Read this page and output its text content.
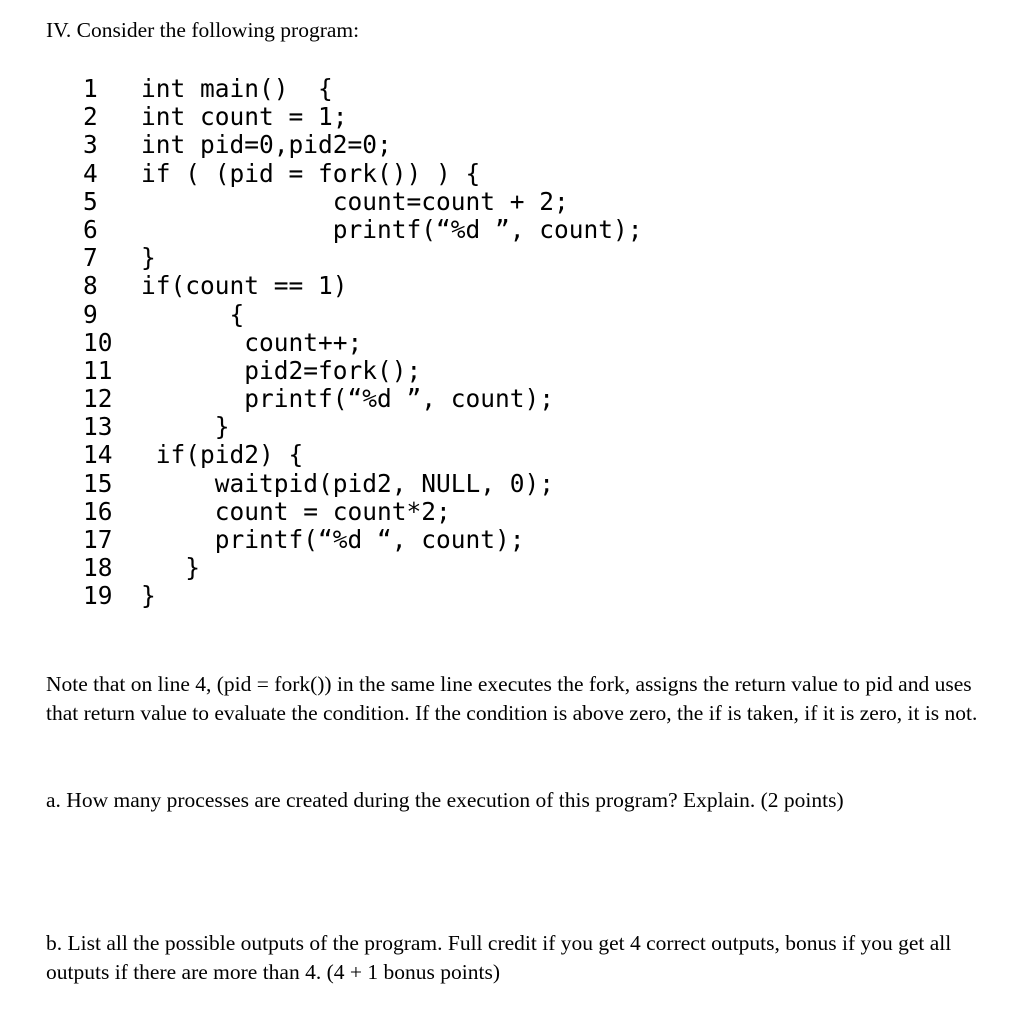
IV. Consider the following program:
1	int main()  {
2	int count = 1;
3	int pid=0,pid2=0;
4	if ( (pid = fork()) ) {
5	count=count + 2;
6	printf(“%d ”, count);
7	}
8	if(count == 1)
9	{
10	count++;
11	pid2=fork();
12	printf(“%d ”, count);
13	}
14	if(pid2) {
15	waitpid(pid2, NULL, 0);
16	count = count*2;
17	printf(“%d “, count);
18	}
19	}
Note that on line 4, (pid = fork()) in the same line executes the fork, assigns the return value to pid and uses that return value to evaluate the condition. If the condition is above zero, the if is taken, if it is zero, it is not.
a. How many processes are created during the execution of this program? Explain. (2 points)
b. List all the possible outputs of the program. Full credit if you get 4 correct outputs, bonus if you get all outputs if there are more than 4. (4 + 1 bonus points)
